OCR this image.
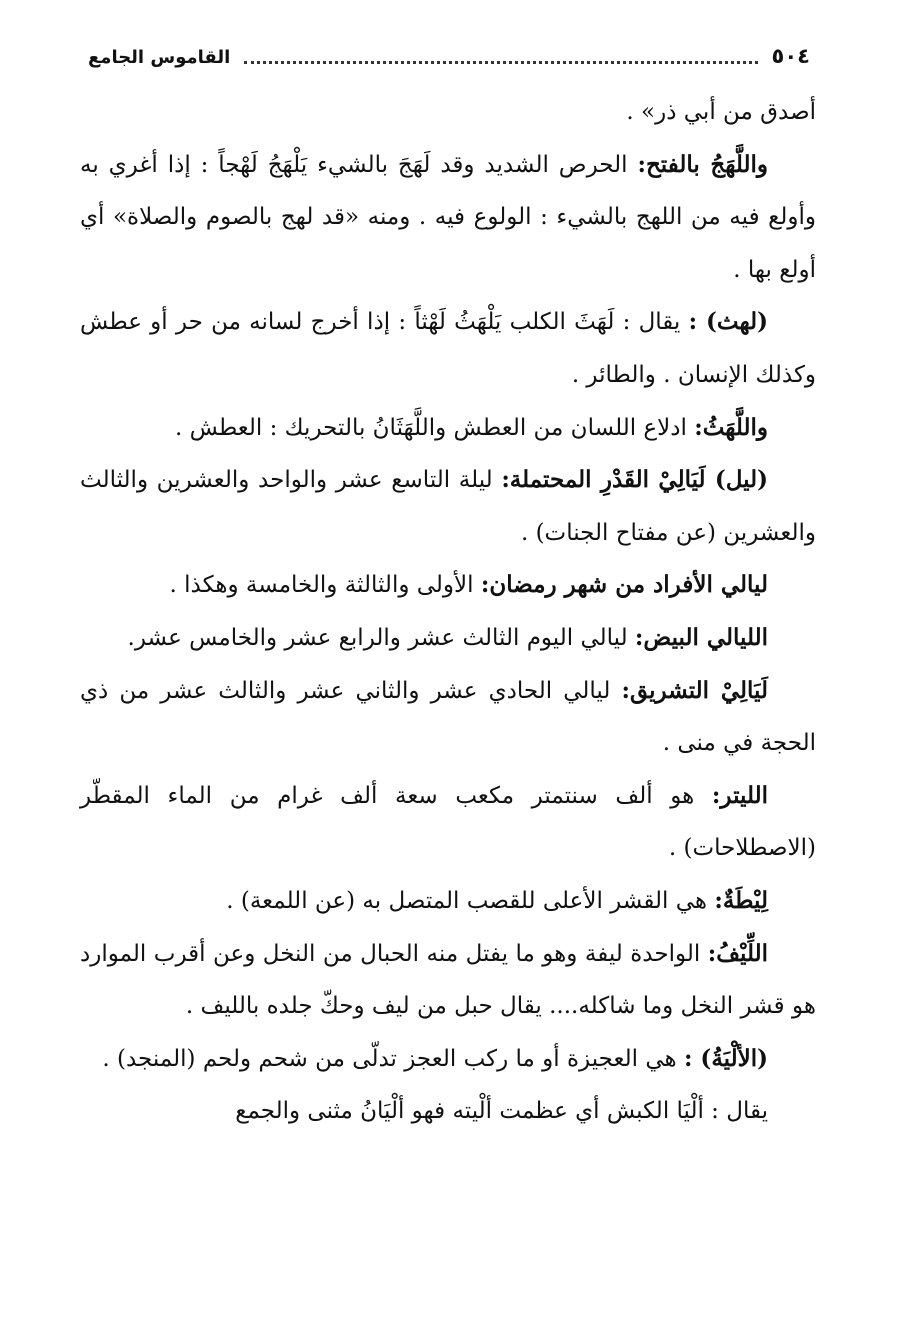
٥٠٤
القاموس الجامع

أصدق من أبي ذر» .

واللَّهَجُ بالفتح: الحرص الشديد وقد لَهَجَ بالشيء يَلْهَجُ لَهْجاً : إذا أغري به وأولع فيه من اللهج بالشيء : الولوع فيه . ومنه «قد لهج بالصوم والصلاة» أي أولع بها .

(لهث) : يقال : لَهَثَ الكلب يَلْهَثُ لَهْثاً : إذا أخرج لسانه من حر أو عطش وكذلك الإنسان . والطائر .

واللَّهَثُ: ادلاع اللسان من العطش واللَّهَثَانُ بالتحريك : العطش .

(ليل) لَيَالِيْ القَدْرِ المحتملة: ليلة التاسع عشر والواحد والعشرين والثالث والعشرين (عن مفتاح الجنات) .

ليالي الأفراد من شهر رمضان: الأولى والثالثة والخامسة وهكذا .

الليالي البيض: ليالي اليوم الثالث عشر والرابع عشر والخامس عشر.

لَيَالِيْ التشريق: ليالي الحادي عشر والثاني عشر والثالث عشر من ذي الحجة في منى .

الليتر: هو ألف سنتمتر مكعب سعة ألف غرام من الماء المقطّر (الاصطلاحات) .

لِيْطَةٌ: هي القشر الأعلى للقصب المتصل به (عن اللمعة) .

اللِّيْفُ: الواحدة ليفة وهو ما يفتل منه الحبال من النخل وعن أقرب الموارد هو قشر النخل وما شاكله.... يقال حبل من ليف وحكّ جلده بالليف .

(الألْيَةُ) : هي العجيزة أو ما ركب العجز تدلّى من شحم ولحم (المنجد) .

يقال : ألْيَا الكبش أي عظمت ألْيته فهو ألْيَانُ مثنى والجمع
